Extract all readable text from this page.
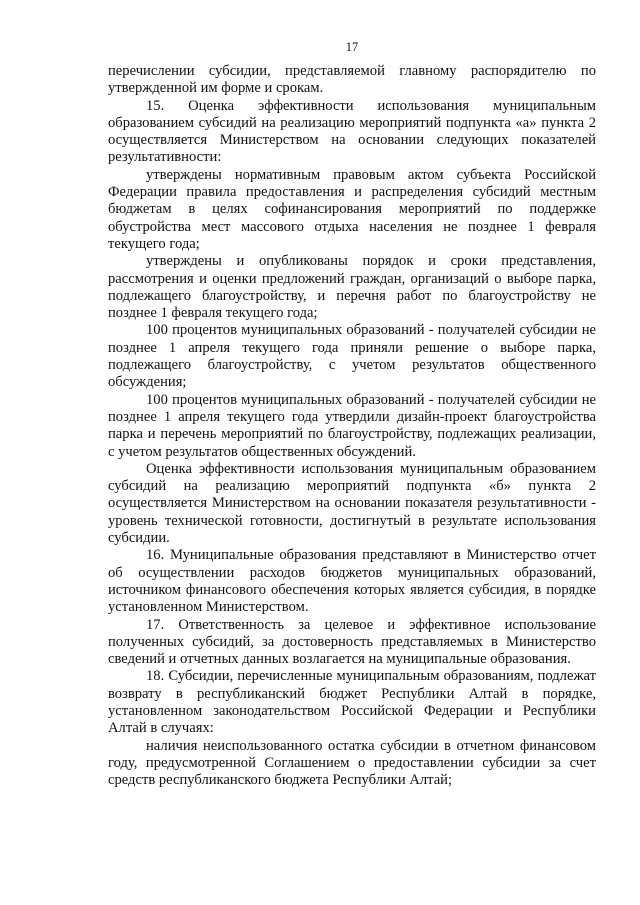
17

перечислении субсидии, представляемой главному распорядителю по утвержденной им форме и срокам.

15. Оценка эффективности использования муниципальным образованием субсидий на реализацию мероприятий подпункта «а» пункта 2 осуществляется Министерством на основании следующих показателей результативности:

утверждены нормативным правовым актом субъекта Российской Федерации правила предоставления и распределения субсидий местным бюджетам в целях софинансирования мероприятий по поддержке обустройства мест массового отдыха населения не позднее 1 февраля текущего года;

утверждены и опубликованы порядок и сроки представления, рассмотрения и оценки предложений граждан, организаций о выборе парка, подлежащего благоустройству, и перечня работ по благоустройству не позднее 1 февраля текущего года;

100 процентов муниципальных образований - получателей субсидии не позднее 1 апреля текущего года приняли решение о выборе парка, подлежащего благоустройству, с учетом результатов общественного обсуждения;

100 процентов муниципальных образований - получателей субсидии не позднее 1 апреля текущего года утвердили дизайн-проект благоустройства парка и перечень мероприятий по благоустройству, подлежащих реализации, с учетом результатов общественных обсуждений.

Оценка эффективности использования муниципальным образованием субсидий на реализацию мероприятий подпункта «б» пункта 2 осуществляется Министерством на основании показателя результативности - уровень технической готовности, достигнутый в результате использования субсидии.

16. Муниципальные образования представляют в Министерство отчет об осуществлении расходов бюджетов муниципальных образований, источником финансового обеспечения которых является субсидия, в порядке установленном Министерством.

17. Ответственность за целевое и эффективное использование полученных субсидий, за достоверность представляемых в Министерство сведений и отчетных данных возлагается на муниципальные образования.

18. Субсидии, перечисленные муниципальным образованиям, подлежат возврату в республиканский бюджет Республики Алтай в порядке, установленном законодательством Российской Федерации и Республики Алтай в случаях:

наличия неиспользованного остатка субсидии в отчетном финансовом году, предусмотренной Соглашением о предоставлении субсидии за счет средств республиканского бюджета Республики Алтай;
